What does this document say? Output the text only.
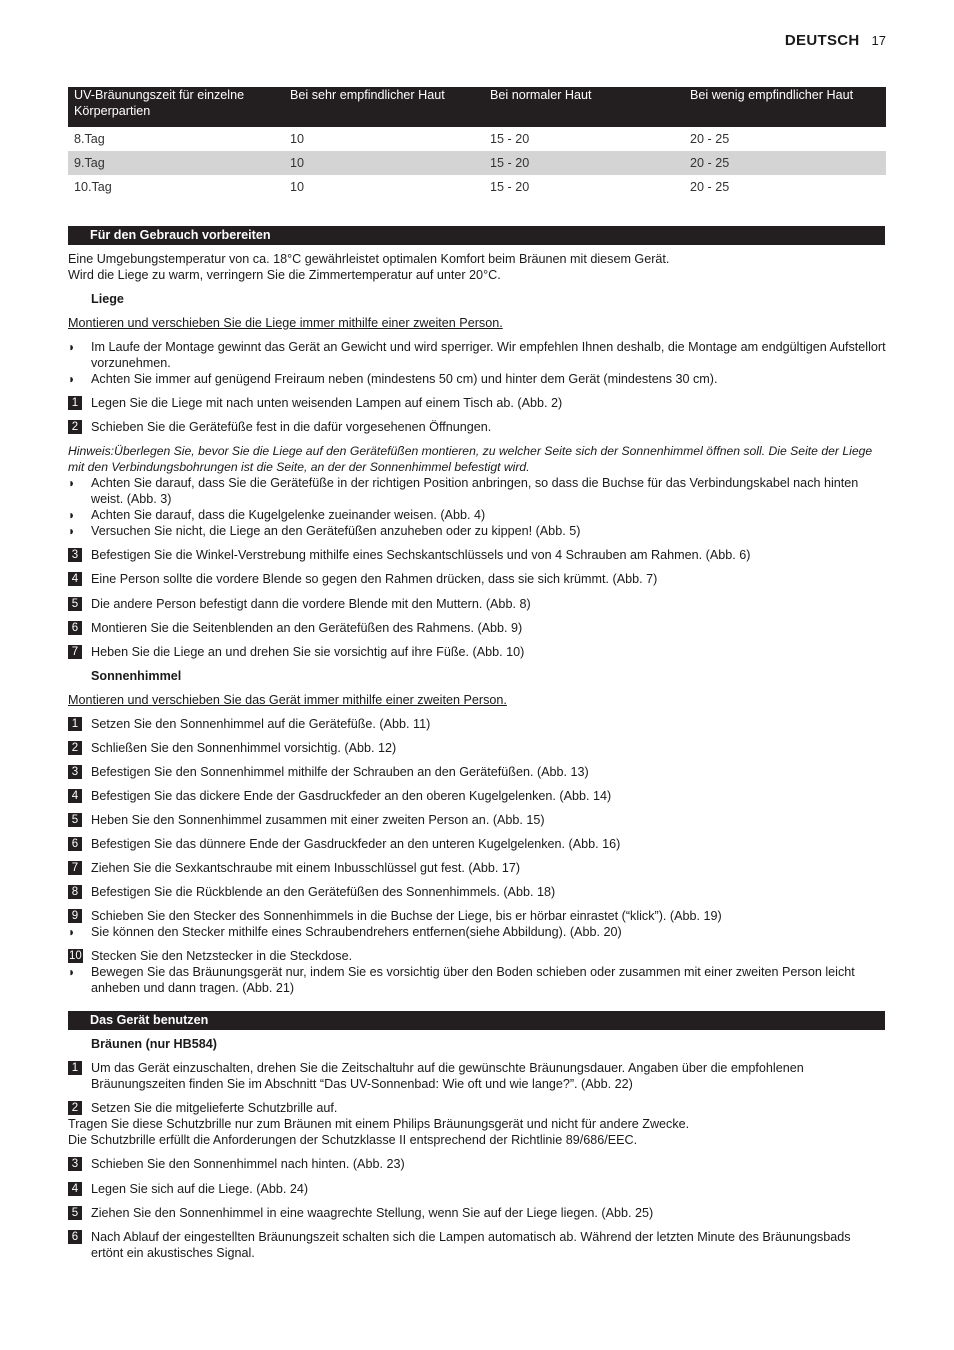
DEUTSCH 17
UV-Bräunungszeit für einzelne Körperpartien	Bei sehr empfindlicher Haut	Bei normaler Haut	Bei wenig empfindlicher Haut
8.Tag	10	15 - 20	20 - 25
9.Tag	10	15 - 20	20 - 25
10.Tag	10	15 - 20	20 - 25
Für den Gebrauch vorbereiten
Eine Umgebungstemperatur von ca. 18°C gewährleistet optimalen Komfort beim Bräunen mit diesem Gerät.
Wird die Liege zu warm, verringern Sie die Zimmertemperatur auf unter 20°C.
Liege
Montieren und verschieben Sie die Liege immer mithilfe einer zweiten Person.
◗ Im Laufe der Montage gewinnt das Gerät an Gewicht und wird sperriger. Wir empfehlen Ihnen deshalb, die Montage am endgültigen Aufstellort vorzunehmen.
◗ Achten Sie immer auf genügend Freiraum neben (mindestens 50 cm) und hinter dem Gerät (mindestens 30 cm).
1	Legen Sie die Liege mit nach unten weisenden Lampen auf einem Tisch ab. (Abb. 2)
2	Schieben Sie die Gerätefüße fest in die dafür vorgesehenen Öffnungen.
Hinweis:Überlegen Sie, bevor Sie die Liege auf den Gerätefüßen montieren, zu welcher Seite sich der Sonnenhimmel öffnen soll. Die Seite der Liege mit den Verbindungsbohrungen ist die Seite, an der der Sonnenhimmel befestigt wird.
◗ Achten Sie darauf, dass Sie die Gerätefüße in der richtigen Position anbringen, so dass die Buchse für das Verbindungskabel nach hinten weist. (Abb. 3)
◗ Achten Sie darauf, dass die Kugelgelenke zueinander weisen. (Abb. 4)
◗ Versuchen Sie nicht, die Liege an den Gerätefüßen anzuheben oder zu kippen! (Abb. 5)
3	Befestigen Sie die Winkel-Verstrebung mithilfe eines Sechskantschlüssels und von 4 Schrauben am Rahmen. (Abb. 6)
4	Eine Person sollte die vordere Blende so gegen den Rahmen drücken, dass sie sich krümmt. (Abb. 7)
5	Die andere Person befestigt dann die vordere Blende mit den Muttern. (Abb. 8)
6	Montieren Sie die Seitenblenden an den Gerätefüßen des Rahmens. (Abb. 9)
7	Heben Sie die Liege an und drehen Sie sie vorsichtig auf ihre Füße. (Abb. 10)
Sonnenhimmel
Montieren und verschieben Sie das Gerät immer mithilfe einer zweiten Person.
1	Setzen Sie den Sonnenhimmel auf die Gerätefüße. (Abb. 11)
2	Schließen Sie den Sonnenhimmel vorsichtig. (Abb. 12)
3	Befestigen Sie den Sonnenhimmel mithilfe der Schrauben an den Gerätefüßen. (Abb. 13)
4	Befestigen Sie das dickere Ende der Gasdruckfeder an den oberen Kugelgelenken. (Abb. 14)
5	Heben Sie den Sonnenhimmel zusammen mit einer zweiten Person an. (Abb. 15)
6	Befestigen Sie das dünnere Ende der Gasdruckfeder an den unteren Kugelgelenken. (Abb. 16)
7	Ziehen Sie die Sexkantschraube mit einem Inbusschlüssel gut fest. (Abb. 17)
8	Befestigen Sie die Rückblende an den Gerätefüßen des Sonnenhimmels. (Abb. 18)
9	Schieben Sie den Stecker des Sonnenhimmels in die Buchse der Liege, bis er hörbar einrastet (“klick”). (Abb. 19)
◗ Sie können den Stecker mithilfe eines Schraubendrehers entfernen(siehe Abbildung). (Abb. 20)
10 Stecken Sie den Netzstecker in die Steckdose.
◗ Bewegen Sie das Bräunungsgerät nur, indem Sie es vorsichtig über den Boden schieben oder zusammen mit einer zweiten Person leicht anheben und dann tragen. (Abb. 21)
Das Gerät benutzen
Bräunen (nur HB584)
1	Um das Gerät einzuschalten, drehen Sie die Zeitschaltuhr auf die gewünschte Bräunungsdauer. Angaben über die empfohlenen Bräunungszeiten finden Sie im Abschnitt “Das UV-Sonnenbad: Wie oft und wie lange?”. (Abb. 22)
2	Setzen Sie die mitgelieferte Schutzbrille auf.
Tragen Sie diese Schutzbrille nur zum Bräunen mit einem Philips Bräunungsgerät und nicht für andere Zwecke.
Die Schutzbrille erfüllt die Anforderungen der Schutzklasse II entsprechend der Richtlinie 89/686/EEC.
3	Schieben Sie den Sonnenhimmel nach hinten. (Abb. 23)
4	Legen Sie sich auf die Liege. (Abb. 24)
5	Ziehen Sie den Sonnenhimmel in eine waagrechte Stellung, wenn Sie auf der Liege liegen. (Abb. 25)
6	Nach Ablauf der eingestellten Bräunungszeit schalten sich die Lampen automatisch ab. Während der letzten Minute des Bräunungsbads ertönt ein akustisches Signal.
